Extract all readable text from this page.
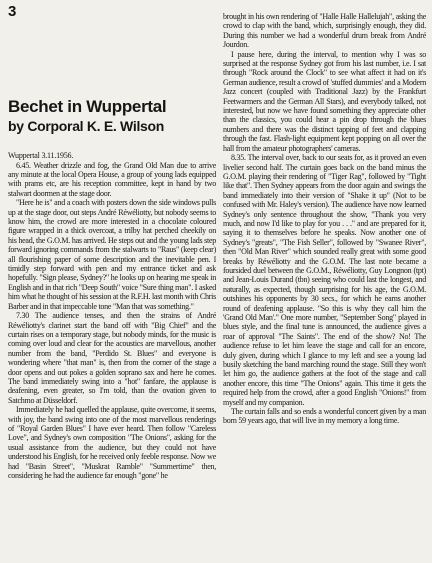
3
Bechet in Wuppertal
by Corporal K. E. Wilson

Wuppertal 3.11.1956.

6.45. Weather drizzle and fog, the Grand Old Man due to arrive any minute at the local Opera House, a group of young lads equipped with prams etc, are his reception committee, kept in hand by two stalwart doormen at the stage door.

"Here he is" and a coach with posters down the side windows pulls up at the stage door, out steps André Réwéliotty, but nobody seems to know him, the crowd are more interested in a chocolate coloured figure wrapped in a thick overcoat, a trilby hat perched cheekily on his head, the G.O.M. has arrived. He steps out and the young lads step forward ignoring commands from the stalwarts to "Raus" (keep clear) all flourishing paper of some description and the inevitable pen. I timidly step forward with pen and my entrance ticket and ask hopefully. "Sign please, Sydney?" he looks up on hearing me speak in English and in that rich "Deep South" voice "Sure thing man". I asked him what he thought of his session at the R.F.H. last month with Chris Barber and in that impeccable tone "Man that was something."

7.30 The audience tenses, and then the strains of André Réwéliotty's clarinet start the band off with "Big Chief" and the curtain rises on a temporary stage, but nobody minds, for the music is coming over loud and clear for the acoustics are marvellous, another number from the band, "Perdido St. Blues" and everyone is wondering where "that man" is, then from the corner of the stage a door opens and out pokes a golden soprano sax and here he comes. The band immediately swing into a "hot" fanfare, the applause is deafening, even greater, so I'm told, than the ovation given to Satchmo at Düsseldorf.

Immediately he had quelled the applause, quite overcome, it seems, with joy, the band swing into one of the most marvellous renderings of "Royal Garden Blues" I have ever heard. Then follow "Careless Love", and Sydney's own composition "The Onions", asking for the usual assistance from the audience, but they could not have understood his English, for he received only feeble response. Now we had "Basin Street", "Muskrat Ramble" "Summertime" then, considering he had the audience far enough "gone" he

brought in his own rendering of "Halle Halle Hallelujah", asking the crowd to clap with the band, which, surprisingly enough, they did. During this number we had a wonderful drum break from André Jourdon.

I pause here, during the interval, to mention why I was so surprised at the response Sydney got from his last number, i.e. I sat through "Rock around the Clock" to see what affect it had on it's German audience, result a crowd of 'stuffed dummies' and a Modern Jazz concert (coupled with Traditional Jazz) by the Frankfurt Feetwarmers and the German All Stars), and everybody talked, not interested, but now we have found something they appreciate other than the classics, you could hear a pin drop through the blues numbers and there was the distinct tapping of feet and clapping through the fast. Flash-light equipment kept popping on all over the hall from the amateur photographers' cameras.

8.35. The interval over, back to our seats for, as it proved an even livelier second half. The curtain goes back on the band minus the G.O.M. playing their rendering of "Tiger Rag", followed by "Tight like that". Then Sydney appears from the door again and swings the band immediately into their version of "Shake it up" (Not to be confused with Mr. Haley's version). The audience have now learned Sydney's only sentence throughout the show, "Thank you very much, and now I'd like to play for you . . ." and are prepared for it, saying it to themselves before he speaks. Now another one of Sydney's "greats", "The Fish Seller", followed by "Swanee River", then "Old Man River" which sounded really great with some good breaks by Réwéliotty and the G.O.M. The last note became a foursided duel between the G.O.M., Réwéliotty, Guy Longnon (tpt) and Jean-Louis Durand (tbn) seeing who could last the longest, and naturally, as expected, though surprising for his age, the G.O.M. outshines his opponents by 30 secs., for which he earns another round of deafening applause. "So this is why they call him the 'Grand Old Man'." One more number, "September Song" played in blues style, and the final tune is announced, the audience gives a roar of approval "The Saints". The end of the show? No! The audience refuse to let him leave the stage and call for an encore, duly given, during which I glance to my left and see a young lad busily sketching the band marching round the stage. Still they won't let him go, the audience gathers at the foot of the stage and call another encore, this time "The Onions" again. This time it gets the required help from the crowd, after a good English "Onions!" from myself and my companion.

The curtain falls and so ends a wonderful concert given by a man born 59 years ago, that will live in my memory a long time.
